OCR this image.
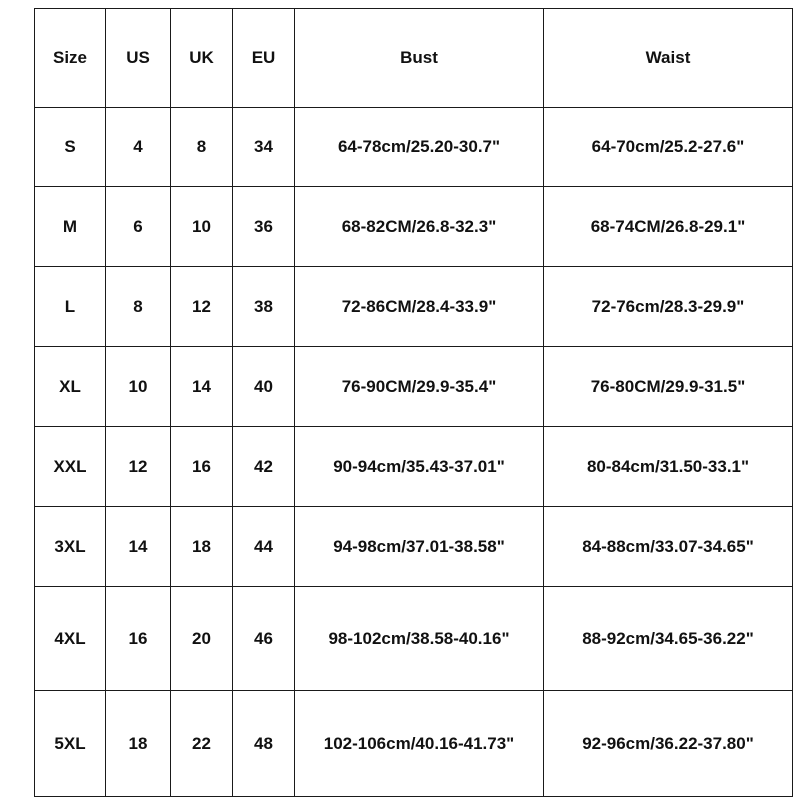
Size	US	UK	EU	Bust	Waist
S	4	8	34	64-78cm/25.20-30.7"	64-70cm/25.2-27.6"
M	6	10	36	68-82CM/26.8-32.3"	68-74CM/26.8-29.1"
L	8	12	38	72-86CM/28.4-33.9"	72-76cm/28.3-29.9"
XL	10	14	40	76-90CM/29.9-35.4"	76-80CM/29.9-31.5"
XXL	12	16	42	90-94cm/35.43-37.01"	80-84cm/31.50-33.1"
3XL	14	18	44	94-98cm/37.01-38.58"	84-88cm/33.07-34.65"
4XL	16	20	46	98-102cm/38.58-40.16"	88-92cm/34.65-36.22"
5XL	18	22	48	102-106cm/40.16-41.73"	92-96cm/36.22-37.80"
